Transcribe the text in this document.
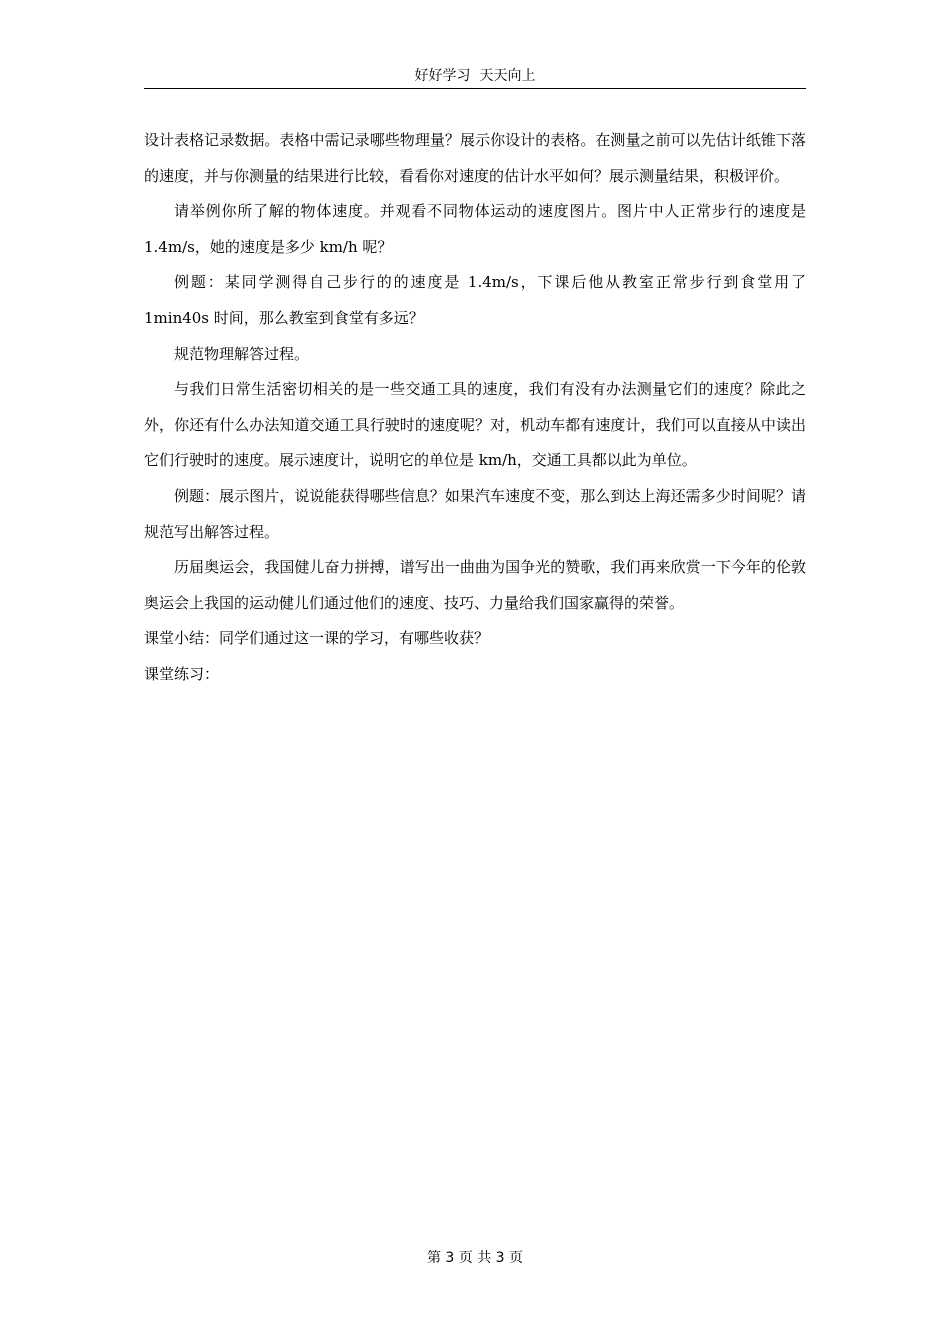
好好学习  天天向上

设计表格记录数据。表格中需记录哪些物理量？展示你设计的表格。在测量之前可以先估计纸锥下落的速度，并与你测量的结果进行比较，看看你对速度的估计水平如何？展示测量结果，积极评价。

请举例你所了解的物体速度。并观看不同物体运动的速度图片。图片中人正常步行的速度是 1.4m/s，她的速度是多少 km/h 呢？

例题：某同学测得自己步行的的速度是 1.4m/s，下课后他从教室正常步行到食堂用了 1min40s 时间，那么教室到食堂有多远？

规范物理解答过程。

与我们日常生活密切相关的是一些交通工具的速度，我们有没有办法测量它们的速度？除此之外，你还有什么办法知道交通工具行驶时的速度呢？对，机动车都有速度计，我们可以直接从中读出它们行驶时的速度。展示速度计，说明它的单位是 km/h，交通工具都以此为单位。

例题：展示图片，说说能获得哪些信息？如果汽车速度不变，那么到达上海还需多少时间呢？请规范写出解答过程。

历届奥运会，我国健儿奋力拼搏，谱写出一曲曲为国争光的赞歌，我们再来欣赏一下今年的伦敦奥运会上我国的运动健儿们通过他们的速度、技巧、力量给我们国家赢得的荣誉。

课堂小结：同学们通过这一课的学习，有哪些收获？

课堂练习：

第 3 页 共 3 页
